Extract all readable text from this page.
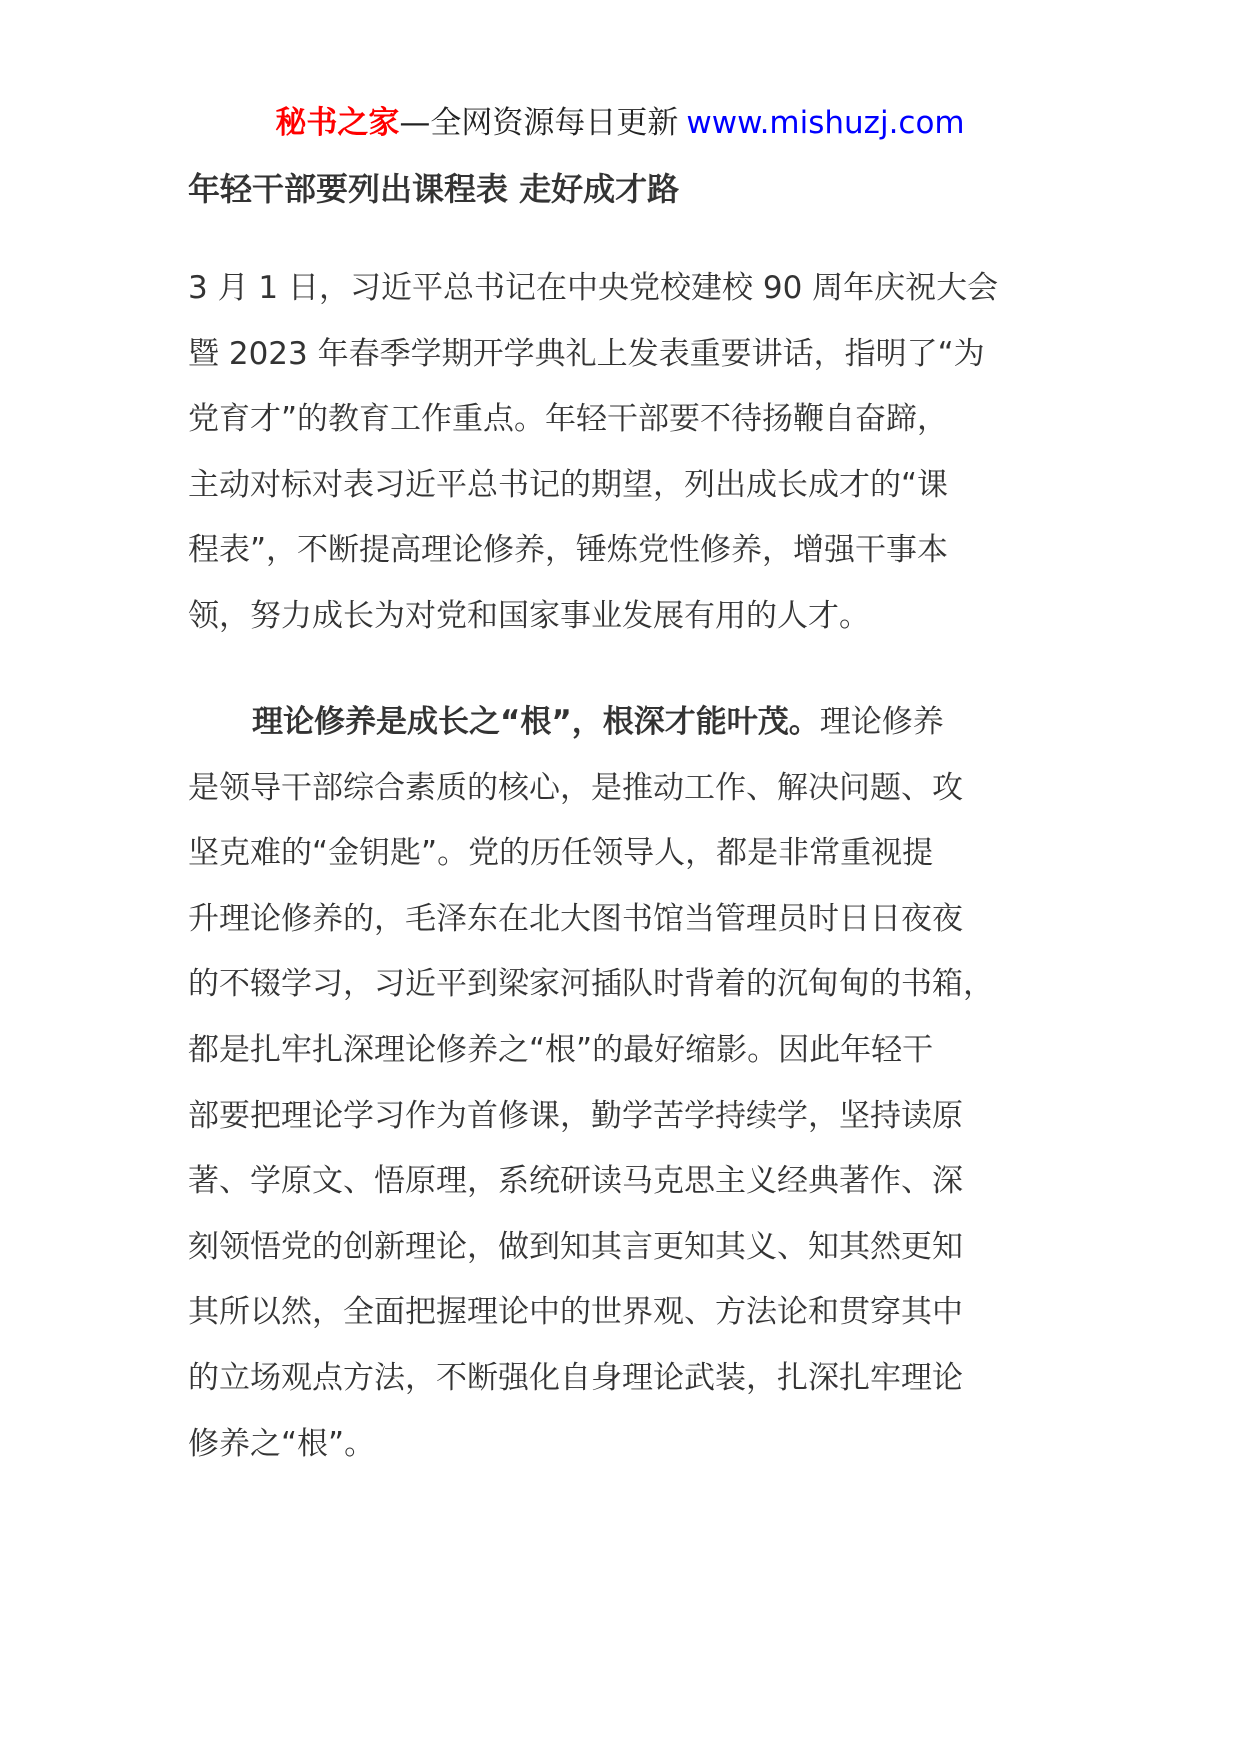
秘书之家—全网资源每日更新 www.mishuzj.com
年轻干部要列出课程表 走好成才路

3 月 1 日，习近平总书记在中央党校建校 90 周年庆祝大会
暨 2023 年春季学期开学典礼上发表重要讲话，指明了“为
党育才”的教育工作重点。年轻干部要不待扬鞭自奋蹄，
主动对标对表习近平总书记的期望，列出成长成才的“课
程表”，不断提高理论修养，锤炼党性修养，增强干事本
领，努力成长为对党和国家事业发展有用的人才。

理论修养是成长之“根”，根深才能叶茂。理论修养
是领导干部综合素质的核心，是推动工作、解决问题、攻
坚克难的“金钥匙”。党的历任领导人，都是非常重视提
升理论修养的，毛泽东在北大图书馆当管理员时日日夜夜
的不辍学习，习近平到梁家河插队时背着的沉甸甸的书箱，
都是扎牢扎深理论修养之“根”的最好缩影。因此年轻干
部要把理论学习作为首修课，勤学苦学持续学，坚持读原
著、学原文、悟原理，系统研读马克思主义经典著作、深
刻领悟党的创新理论，做到知其言更知其义、知其然更知
其所以然，全面把握理论中的世界观、方法论和贯穿其中
的立场观点方法，不断强化自身理论武装，扎深扎牢理论
修养之“根”。
